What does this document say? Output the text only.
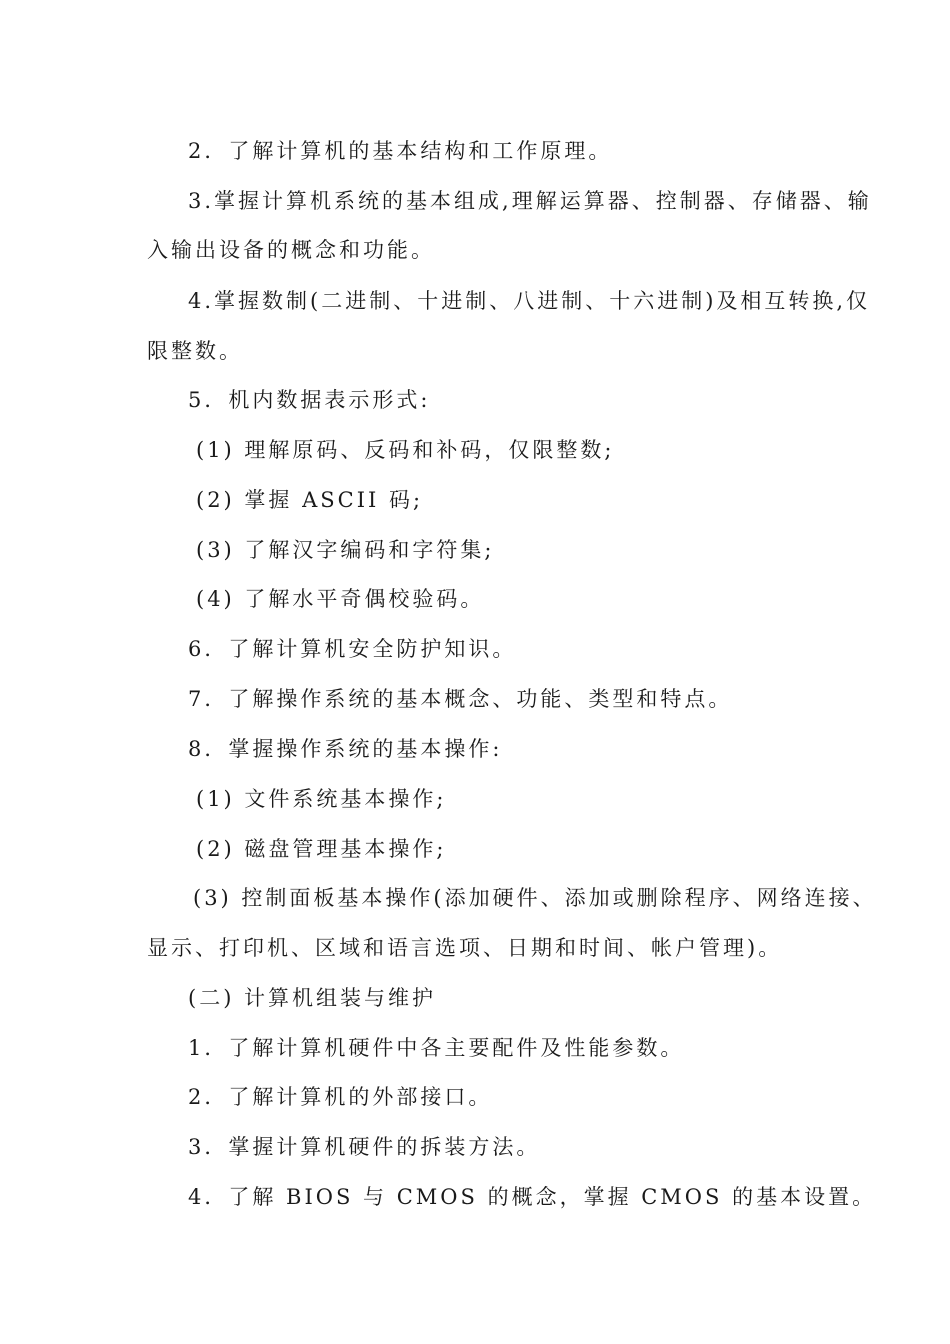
2．了解计算机的基本结构和工作原理。
3.掌握计算机系统的基本组成,理解运算器、控制器、存储器、输
入输出设备的概念和功能。
4.掌握数制(二进制、十进制、八进制、十六进制)及相互转换,仅
限整数。
5．机内数据表示形式:
(1) 理解原码、反码和补码，仅限整数;
(2) 掌握 ASCII 码;
(3) 了解汉字编码和字符集;
(4) 了解水平奇偶校验码。
6．了解计算机安全防护知识。
7．了解操作系统的基本概念、功能、类型和特点。
8．掌握操作系统的基本操作:
(1) 文件系统基本操作;
(2) 磁盘管理基本操作;
(3) 控制面板基本操作(添加硬件、添加或删除程序、网络连接、
显示、打印机、区域和语言选项、日期和时间、帐户管理)。
(二) 计算机组装与维护
1．了解计算机硬件中各主要配件及性能参数。
2．了解计算机的外部接口。
3．掌握计算机硬件的拆装方法。
4．了解 BIOS 与 CMOS 的概念，掌握 CMOS 的基本设置。
